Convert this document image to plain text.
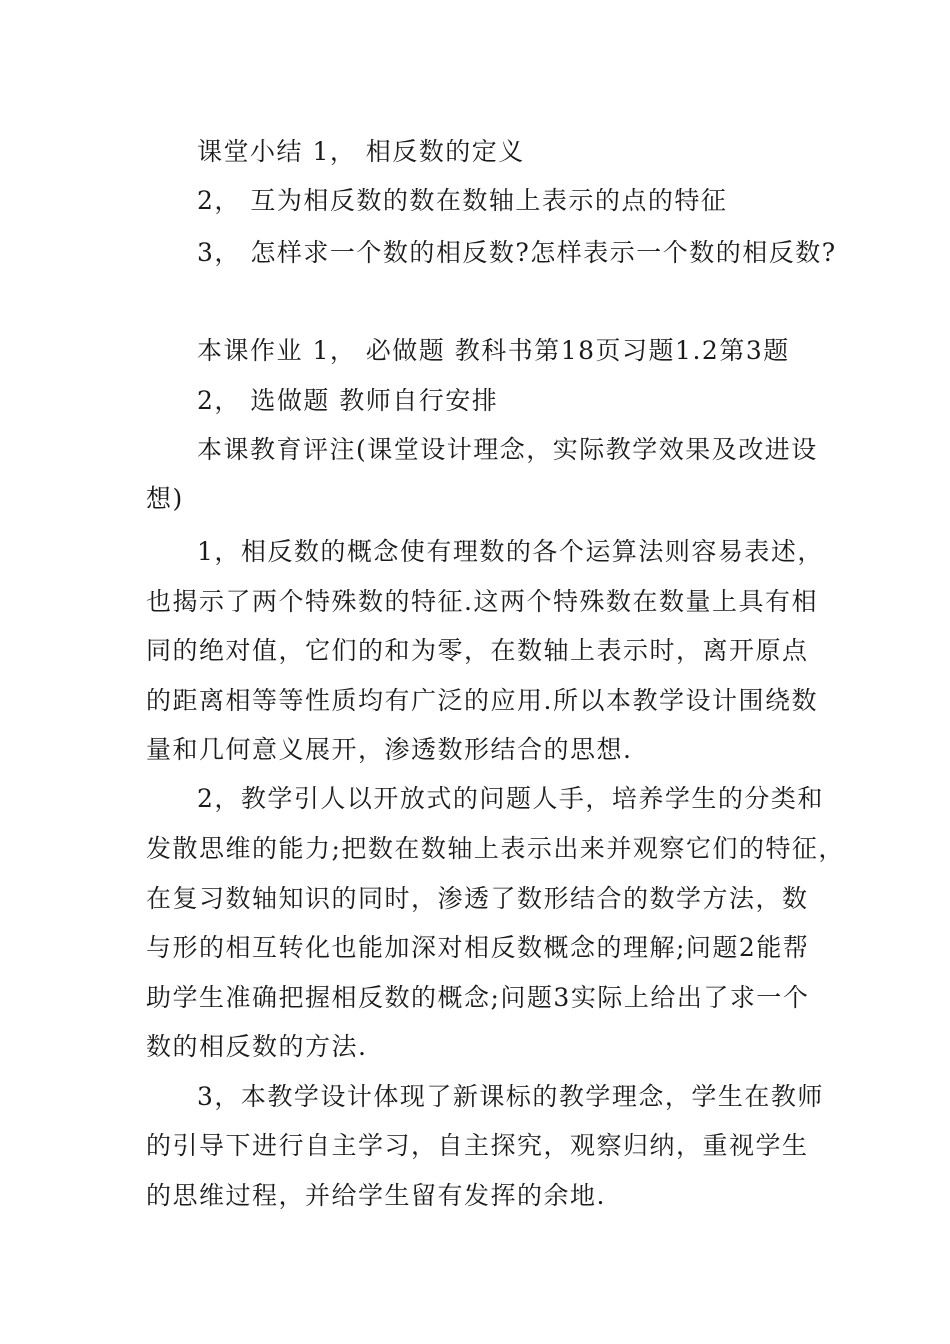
课堂小结 1， 相反数的定义
2， 互为相反数的数在数轴上表示的点的特征
3， 怎样求一个数的相反数?怎样表示一个数的相反数?
本课作业 1， 必做题 教科书第18页习题1.2第3题
2， 选做题 教师自行安排
本课教育评注(课堂设计理念，实际教学效果及改进设
想)
1，相反数的概念使有理数的各个运算法则容易表述，
也揭示了两个特殊数的特征.这两个特殊数在数量上具有相
同的绝对值，它们的和为零，在数轴上表示时，离开原点
的距离相等等性质均有广泛的应用.所以本教学设计围绕数
量和几何意义展开，渗透数形结合的思想.
2，教学引人以开放式的问题人手，培养学生的分类和
发散思维的能力;把数在数轴上表示出来并观察它们的特征，
在复习数轴知识的同时，渗透了数形结合的数学方法，数
与形的相互转化也能加深对相反数概念的理解;问题2能帮
助学生准确把握相反数的概念;问题3实际上给出了求一个
数的相反数的方法.
3，本教学设计体现了新课标的教学理念，学生在教师
的引导下进行自主学习，自主探究，观察归纳，重视学生
的思维过程，并给学生留有发挥的余地.
